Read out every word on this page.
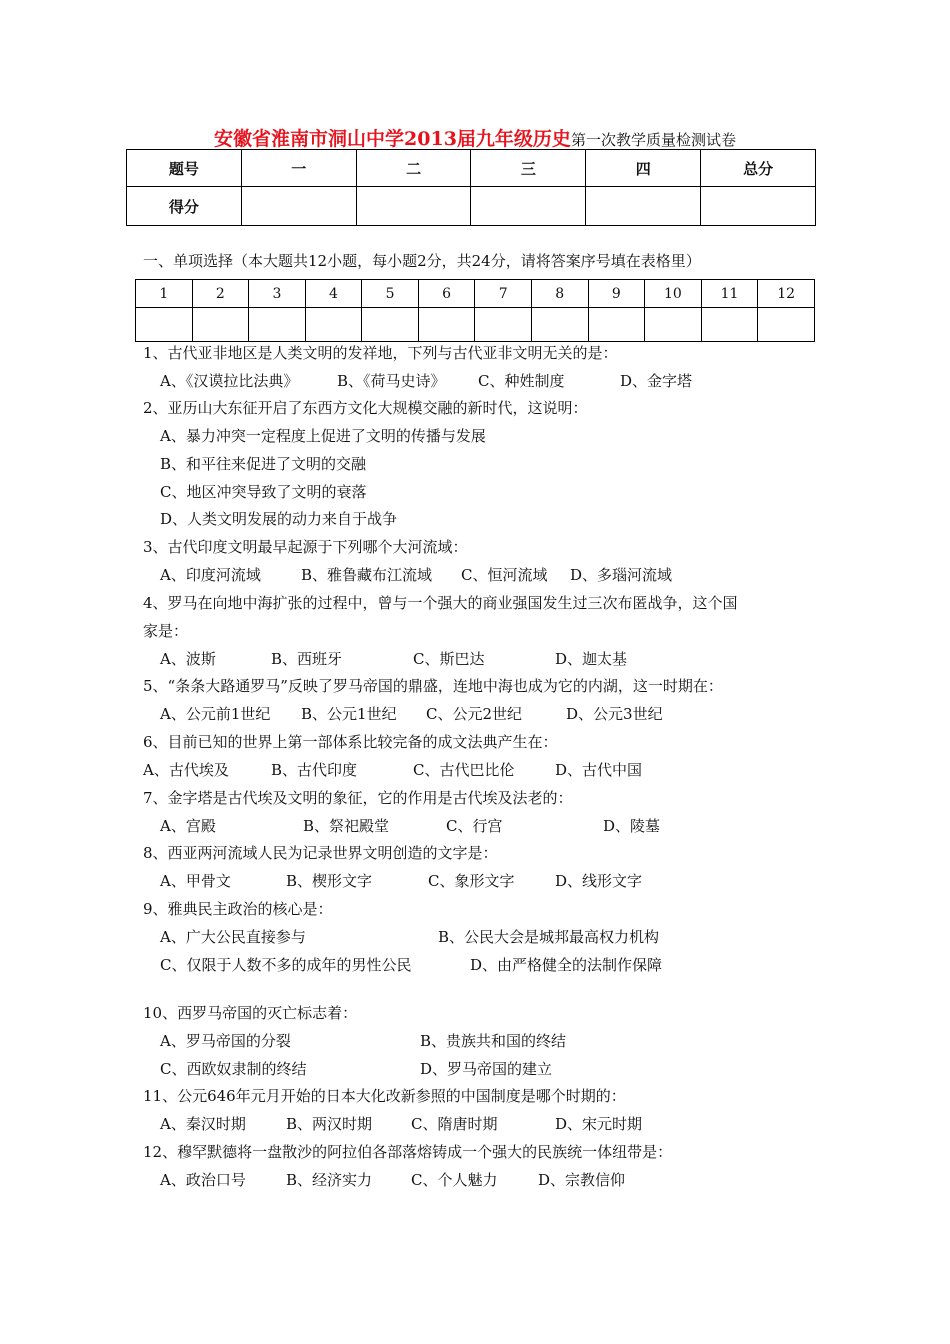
安徽省淮南市洞山中学2013届九年级历史第一次教学质量检测试卷
题号	一	二	三	四	总分
得分					
一、单项选择（本大题共12小题，每小题2分，共24分，请将答案序号填在表格里）
1	2	3	4	5	6	7	8	9	10	11	12

1、古代亚非地区是人类文明的发祥地，下列与古代亚非文明无关的是：
A、《汉谟拉比法典》	B、《荷马史诗》 C、种姓制度	D、金字塔
2、亚历山大东征开启了东西方文化大规模交融的新时代，这说明：
A、暴力冲突一定程度上促进了文明的传播与发展
B、和平往来促进了文明的交融
C、地区冲突导致了文明的衰落
D、人类文明发展的动力来自于战争
3、古代印度文明最早起源于下列哪个大河流域：
A、印度河流域	B、雅鲁藏布江流域 C、恒河流域 D、多瑙河流域
4、罗马在向地中海扩张的过程中，曾与一个强大的商业强国发生过三次布匿战争，这个国
家是：
A、波斯	B、西班牙	C、斯巴达	D、迦太基
5、“条条大路通罗马”反映了罗马帝国的鼎盛，连地中海也成为它的内湖，这一时期在：
A、公元前1世纪 B、公元1世纪 C、公元2世纪	D、公元3世纪
6、目前已知的世界上第一部体系比较完备的成文法典产生在：
A、古代埃及	B、古代印度	C、古代巴比伦	D、古代中国
7、金字塔是古代埃及文明的象征，它的作用是古代埃及法老的：
A、宫殿	B、祭祀殿堂	C、行宫	D、陵墓
8、西亚两河流域人民为记录世界文明创造的文字是：
A、甲骨文	B、楔形文字	C、象形文字	D、线形文字
9、雅典民主政治的核心是：
A、广大公民直接参与	B、公民大会是城邦最高权力机构
C、仅限于人数不多的成年的男性公民	D、由严格健全的法制作保障
10、西罗马帝国的灭亡标志着：
A、罗马帝国的分裂	B、贵族共和国的终结
C、西欧奴隶制的终结	D、罗马帝国的建立
11、公元646年元月开始的日本大化改新参照的中国制度是哪个时期的：
A、秦汉时期	B、两汉时期	C、隋唐时期	D、宋元时期
12、穆罕默德将一盘散沙的阿拉伯各部落熔铸成一个强大的民族统一体纽带是：
A、政治口号	B、经济实力	C、个人魅力	D、宗教信仰
